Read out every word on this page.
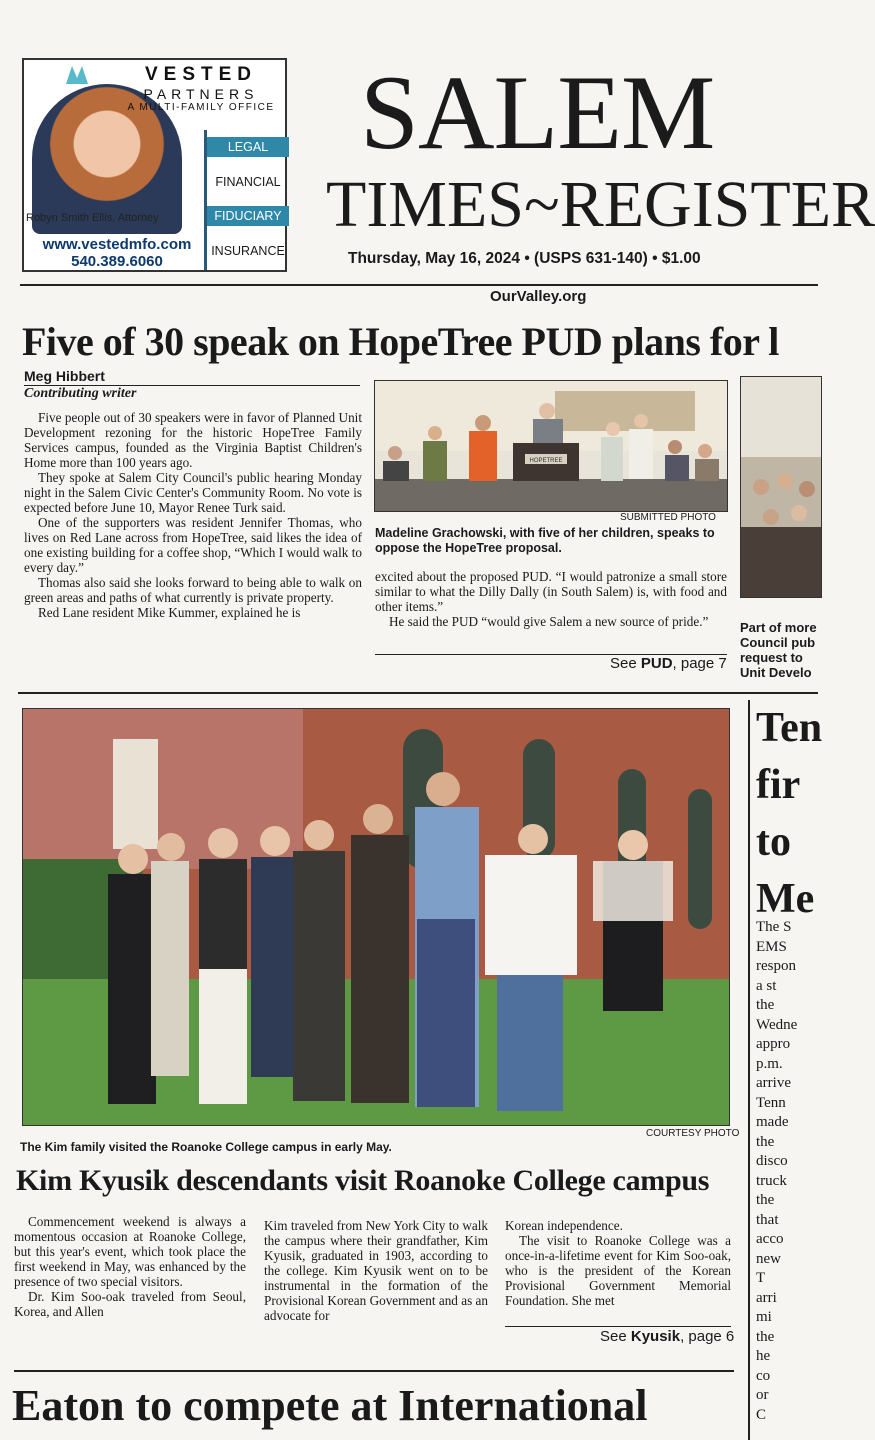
VESTED
PARTNERS
A MULTI-FAMILY OFFICE
LEGAL
FINANCIAL
FIDUCIARY
INSURANCE
Robyn Smith Ellis, Attorney
www.vestedmfo.com
540.389.6060
SALEM
TIMES~REGISTER
Thursday, May 16, 2024 • (USPS 631-140) • $1.00
OurValley.org
Five of 30 speak on HopeTree PUD plans for l
Meg Hibbert
Contributing writer

Five people out of 30 speakers were in favor of Planned Unit Development rezoning for the historic HopeTree Family Services campus, founded as the Virginia Baptist Children's Home more than 100 years ago.

They spoke at Salem City Council's public hearing Monday night in the Salem Civic Center's Community Room. No vote is expected before June 10, Mayor Renee Turk said.

One of the supporters was resident Jennifer Thomas, who lives on Red Lane across from HopeTree, said likes the idea of one existing building for a coffee shop, “Which I would walk to every day.”

Thomas also said she looks forward to being able to walk on green areas and paths of what currently is private property.

Red Lane resident Mike Kummer, explained he is

HOPETREE
SUBMITTED PHOTO
Madeline Grachowski, with five of her children, speaks to oppose the HopeTree proposal.

excited about the proposed PUD. “I would patronize a small store similar to what the Dilly Dally (in South Salem) is, with food and other items.”

He said the PUD “would give Salem a new source of pride.”

See PUD, page 7
Part of more Council pub request to Unit Develo
The Kim family visited the Roanoke College campus in early May.
COURTESY PHOTO
Kim Kyusik descendants visit Roanoke College campus

Commencement weekend is always a momentous occasion at Roanoke College, but this year's event, which took place the first weekend in May, was enhanced by the presence of two special visitors.

Dr. Kim Soo-oak traveled from Seoul, Korea, and Allen

Kim traveled from New York City to walk the campus where their grandfather, Kim Kyusik, graduated in 1903, according to the college. Kim Kyusik went on to be instrumental in the formation of the Provisional Korean Government and as an advocate for

Korean independence.

The visit to Roanoke College was a once-in-a-lifetime event for Kim Soo-oak, who is the president of the Korean Provisional Government Memorial Foundation. She met

See Kyusik, page 6
Ten
fir
to
Me
The S
EMS
respon
a st
the
Wedne
appro
p.m.
arrive
Tenn
made
the
disco
truck
the
that
acco
new
T
arri
mi
the
he
co
or
C
Eaton to compete at International
